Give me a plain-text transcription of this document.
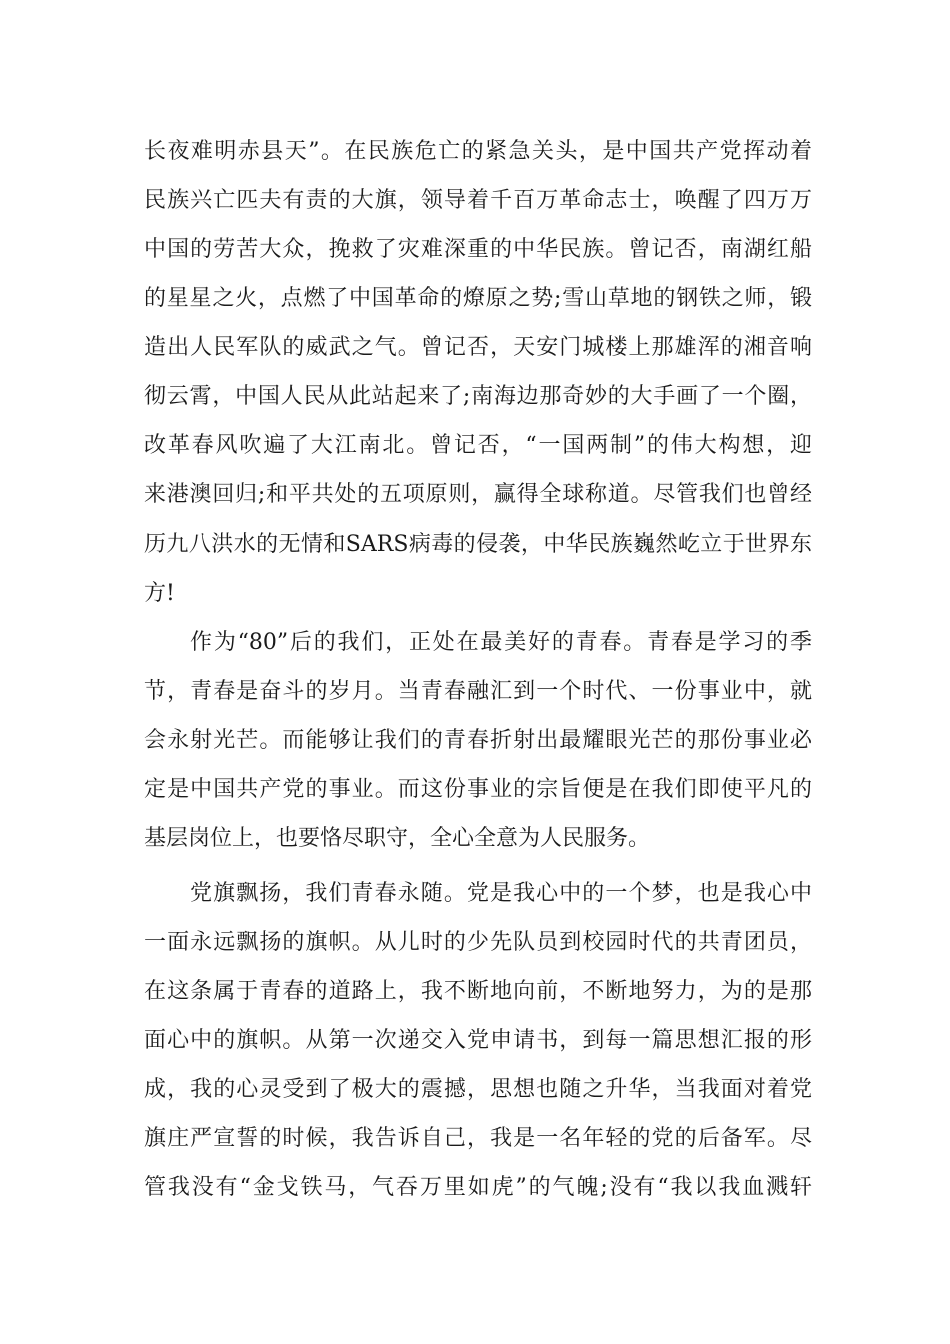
长夜难明赤县天”。在民族危亡的紧急关头，是中国共产党挥动着
民族兴亡匹夫有责的大旗，领导着千百万革命志士，唤醒了四万万
中国的劳苦大众，挽救了灾难深重的中华民族。曾记否，南湖红船
的星星之火，点燃了中国革命的燎原之势;雪山草地的钢铁之师，锻
造出人民军队的威武之气。曾记否，天安门城楼上那雄浑的湘音响
彻云霄，中国人民从此站起来了;南海边那奇妙的大手画了一个圈，
改革春风吹遍了大江南北。曾记否，“一国两制”的伟大构想，迎
来港澳回归;和平共处的五项原则，赢得全球称道。尽管我们也曾经
历九八洪水的无情和SARS病毒的侵袭，中华民族巍然屹立于世界东
方!
作为“80”后的我们，正处在最美好的青春。青春是学习的季
节，青春是奋斗的岁月。当青春融汇到一个时代、一份事业中，就
会永射光芒。而能够让我们的青春折射出最耀眼光芒的那份事业必
定是中国共产党的事业。而这份事业的宗旨便是在我们即使平凡的
基层岗位上，也要恪尽职守，全心全意为人民服务。
党旗飘扬，我们青春永随。党是我心中的一个梦，也是我心中
一面永远飘扬的旗帜。从儿时的少先队员到校园时代的共青团员，
在这条属于青春的道路上，我不断地向前，不断地努力，为的是那
面心中的旗帜。从第一次递交入党申请书，到每一篇思想汇报的形
成，我的心灵受到了极大的震撼，思想也随之升华，当我面对着党
旗庄严宣誓的时候，我告诉自己，我是一名年轻的党的后备军。尽
管我没有“金戈铁马，气吞万里如虎”的气魄;没有“我以我血溅轩
